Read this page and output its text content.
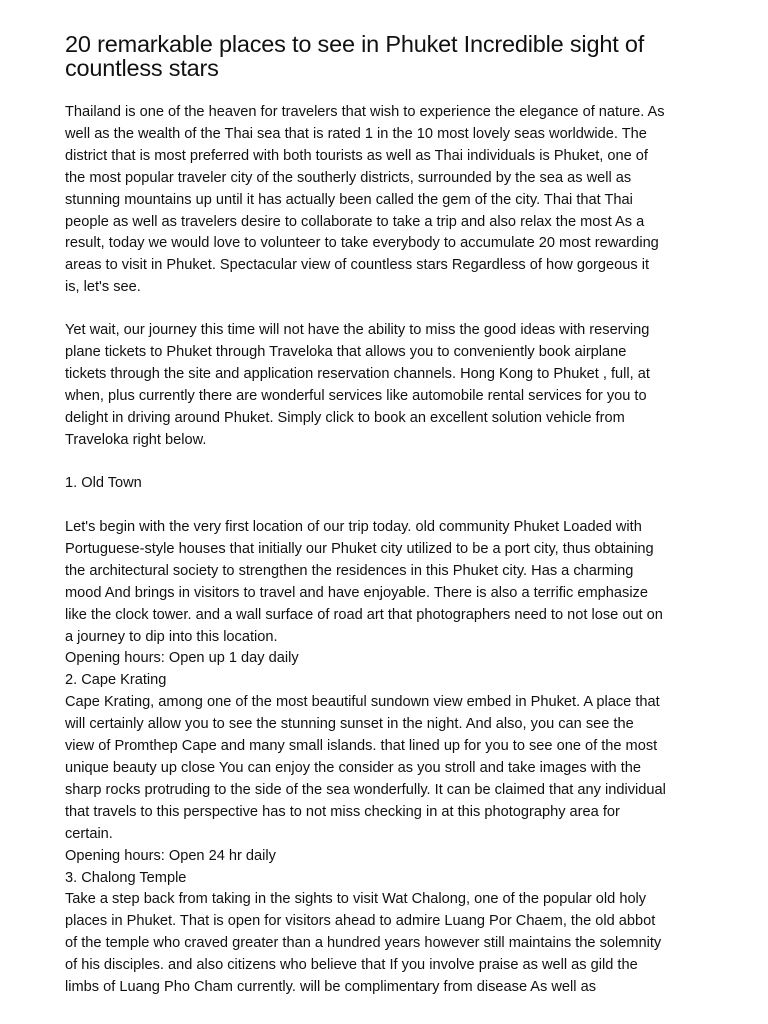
20 remarkable places to see in Phuket Incredible sight of
countless stars

Thailand is one of the heaven for travelers that wish to experience the elegance of nature. As
well as the wealth of the Thai sea that is rated 1 in the 10 most lovely seas worldwide. The
district that is most preferred with both tourists as well as Thai individuals is Phuket, one of
the most popular traveler city of the southerly districts, surrounded by the sea as well as
stunning mountains up until it has actually been called the gem of the city. Thai that Thai
people as well as travelers desire to collaborate to take a trip and also relax the most As a
result, today we would love to volunteer to take everybody to accumulate 20 most rewarding
areas to visit in Phuket. Spectacular view of countless stars Regardless of how gorgeous it
is, let's see.

Yet wait, our journey this time will not have the ability to miss the good ideas with reserving
plane tickets to Phuket through Traveloka that allows you to conveniently book airplane
tickets through the site and application reservation channels. Hong Kong to Phuket , full, at
when, plus currently there are wonderful services like automobile rental services for you to
delight in driving around Phuket. Simply click to book an excellent solution vehicle from
Traveloka right below.

1. Old Town

Let's begin with the very first location of our trip today. old community Phuket Loaded with
Portuguese-style houses that initially our Phuket city utilized to be a port city, thus obtaining
the architectural society to strengthen the residences in this Phuket city. Has a charming
mood And brings in visitors to travel and have enjoyable. There is also a terrific emphasize
like the clock tower. and a wall surface of road art that photographers need to not lose out on
a journey to dip into this location.
Opening hours: Open up 1 day daily
2. Cape Krating
Cape Krating, among one of the most beautiful sundown view embed in Phuket. A place that
will certainly allow you to see the stunning sunset in the night. And also, you can see the
view of Promthep Cape and many small islands. that lined up for you to see one of the most
unique beauty up close You can enjoy the consider as you stroll and take images with the
sharp rocks protruding to the side of the sea wonderfully. It can be claimed that any individual
that travels to this perspective has to not miss checking in at this photography area for
certain.
Opening hours: Open 24 hr daily
3. Chalong Temple
Take a step back from taking in the sights to visit Wat Chalong, one of the popular old holy
places in Phuket. That is open for visitors ahead to admire Luang Por Chaem, the old abbot
of the temple who craved greater than a hundred years however still maintains the solemnity
of his disciples. and also citizens who believe that If you involve praise as well as gild the
limbs of Luang Pho Cham currently. will be complimentary from disease As well as
